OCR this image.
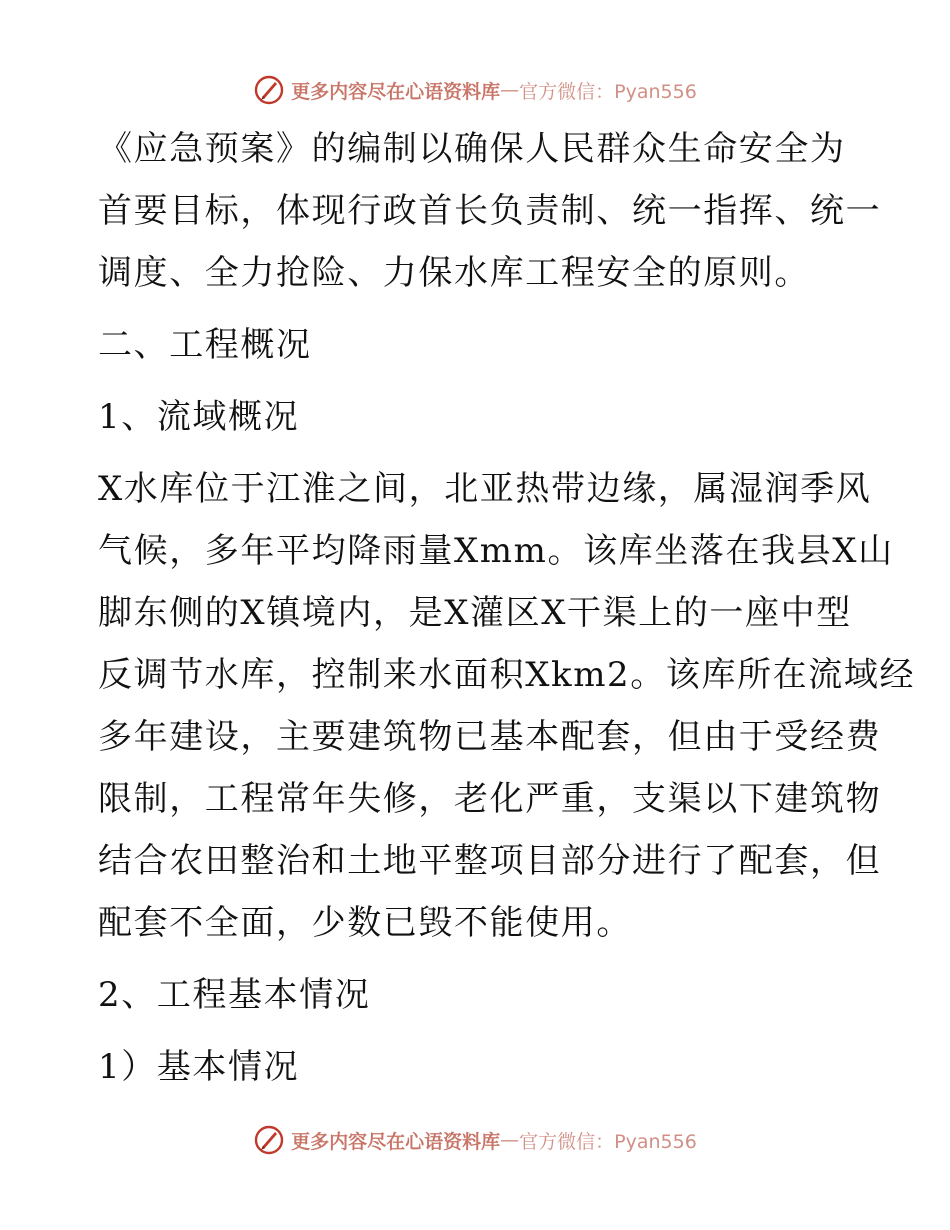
更多内容尽在心语资料库 — 官方微信：Pyan556
《应急预案》的编制以确保人民群众生命安全为
首要目标，体现行政首长负责制、统一指挥、统一
调度、全力抢险、力保水库工程安全的原则。
二、工程概况
1、流域概况
X水库位于江淮之间，北亚热带边缘，属湿润季风
气候，多年平均降雨量Xmm。该库坐落在我县X山
脚东侧的X镇境内，是X灌区X干渠上的一座中型
反调节水库，控制来水面积Xkm2。该库所在流域经
多年建设，主要建筑物已基本配套，但由于受经费
限制，工程常年失修，老化严重，支渠以下建筑物
结合农田整治和土地平整项目部分进行了配套，但
配套不全面，少数已毁不能使用。
2、工程基本情况
1）基本情况
更多内容尽在心语资料库 — 官方微信：Pyan556
